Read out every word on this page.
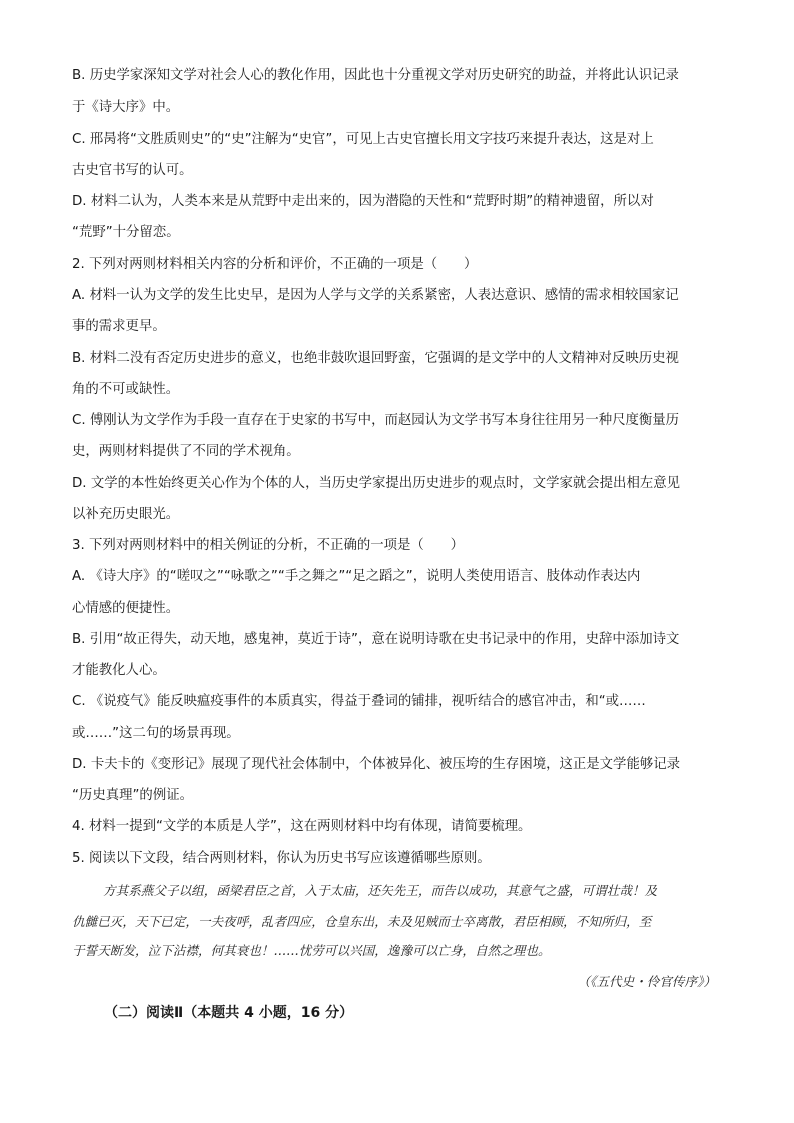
B. 历史学家深知文学对社会人心的教化作用，因此也十分重视文学对历史研究的助益，并将此认识记录
于《诗大序》中。
C. 邢昺将“文胜质则史”的“史”注解为“史官”，可见上古史官擅长用文字技巧来提升表达，这是对上
古史官书写的认可。
D. 材料二认为，人类本来是从荒野中走出来的，因为潜隐的天性和“荒野时期”的精神遗留，所以对
“荒野”十分留恋。
2. 下列对两则材料相关内容的分析和评价，不正确的一项是（　　）
A. 材料一认为文学的发生比史早，是因为人学与文学的关系紧密，人表达意识、感情的需求相较国家记
事的需求更早。
B. 材料二没有否定历史进步的意义，也绝非鼓吹退回野蛮，它强调的是文学中的人文精神对反映历史视
角的不可或缺性。
C. 傅刚认为文学作为手段一直存在于史家的书写中，而赵园认为文学书写本身往往用另一种尺度衡量历
史，两则材料提供了不同的学术视角。
D. 文学的本性始终更关心作为个体的人，当历史学家提出历史进步的观点时，文学家就会提出相左意见
以补充历史眼光。
3. 下列对两则材料中的相关例证的分析，不正确的一项是（　　）
A. 《诗大序》的“嗟叹之”“咏歌之”“手之舞之”“足之蹈之”，说明人类使用语言、肢体动作表达内
心情感的便捷性。
B. 引用“故正得失，动天地，感鬼神，莫近于诗”，意在说明诗歌在史书记录中的作用，史辞中添加诗文
才能教化人心。
C. 《说疫气》能反映瘟疫事件的本质真实，得益于叠词的铺排，视听结合的感官冲击，和“或……
或……”这二句的场景再现。
D. 卡夫卡的《变形记》展现了现代社会体制中，个体被异化、被压垮的生存困境，这正是文学能够记录
“历史真理”的例证。
4. 材料一提到“文学的本质是人学”，这在两则材料中均有体现，请简要梳理。
5. 阅读以下文段，结合两则材料，你认为历史书写应该遵循哪些原则。
方其系燕父子以组，函梁君臣之首，入于太庙，还矢先王，而告以成功，其意气之盛，可谓壮哉！及
仇雠已灭，天下已定，一夫夜呼，乱者四应，仓皇东出，未及见贼而士卒离散，君臣相顾，不知所归，至
于誓天断发，泣下沾襟，何其衰也！……忧劳可以兴国，逸豫可以亡身，自然之理也。
（《五代史・伶官传序》）
（二）阅读Ⅱ（本题共 4 小题，16 分）
